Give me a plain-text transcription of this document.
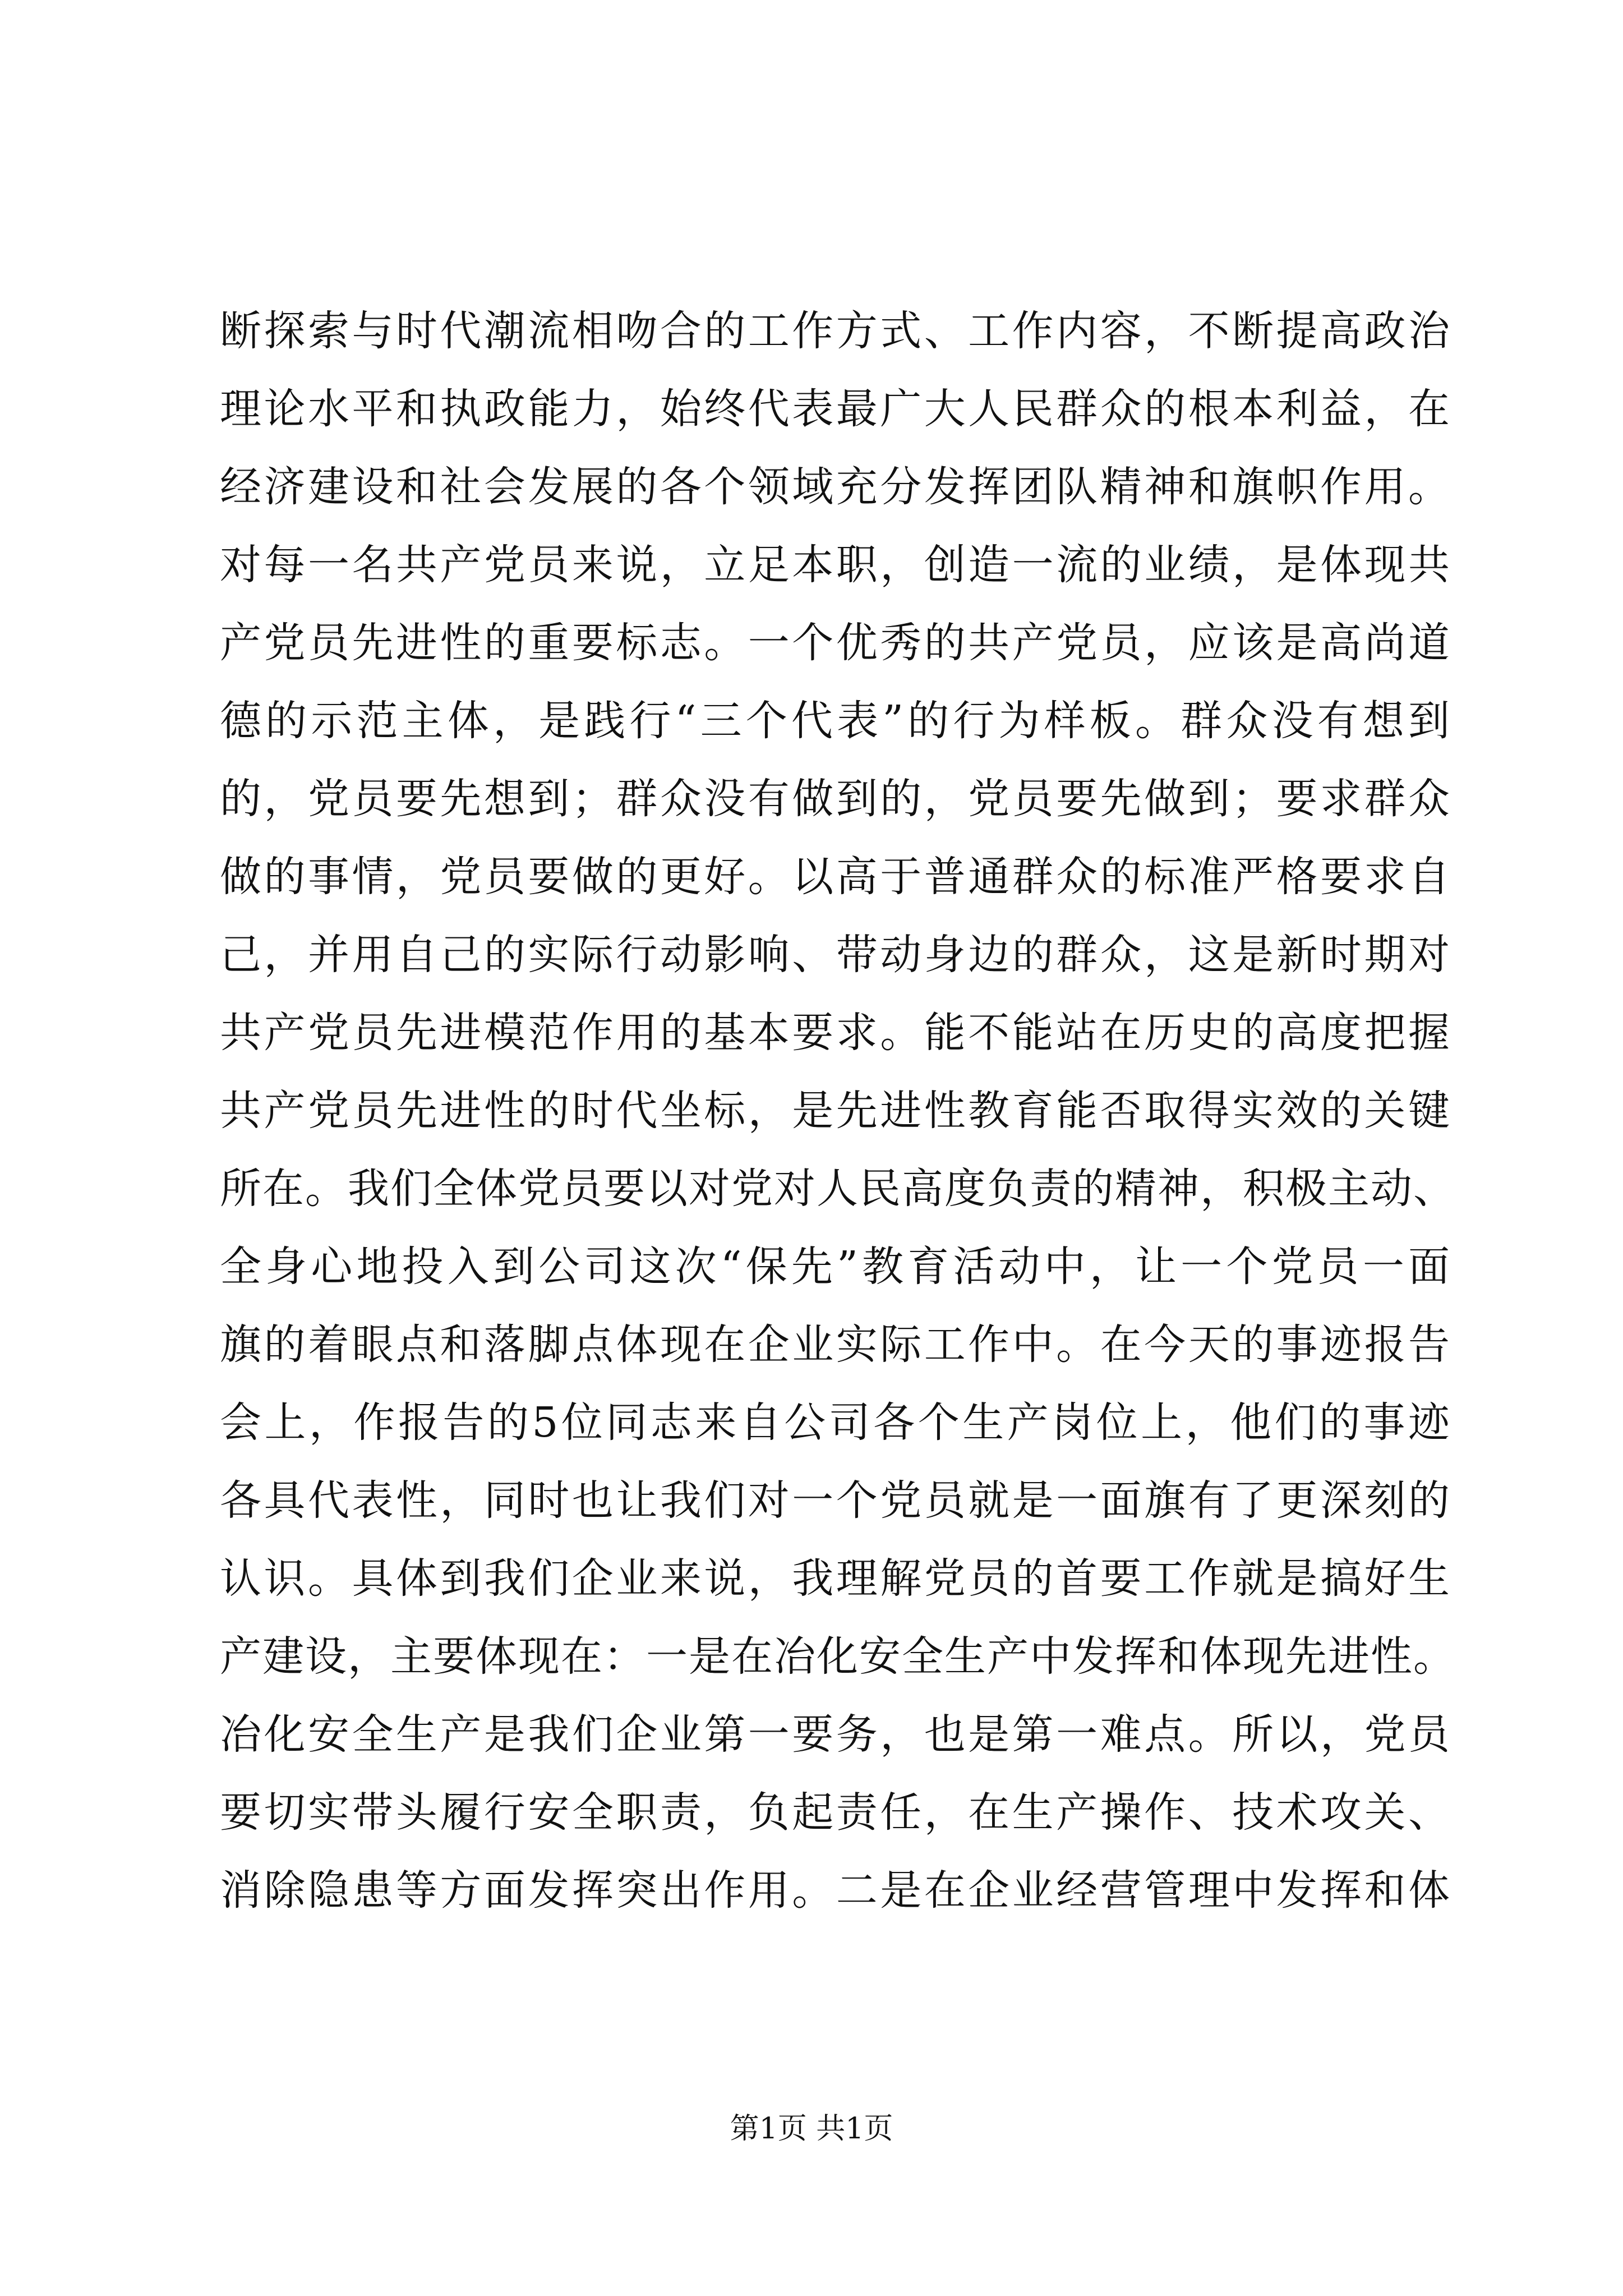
断探索与时代潮流相吻合的工作方式、工作内容，不断提高政治
理论水平和执政能力，始终代表最广大人民群众的根本利益，在
经济建设和社会发展的各个领域充分发挥团队精神和旗帜作用。
对每一名共产党员来说，立足本职，创造一流的业绩，是体现共
产党员先进性的重要标志。一个优秀的共产党员，应该是高尚道
德的示范主体，是践行“三个代表”的行为样板。群众没有想到
的，党员要先想到；群众没有做到的，党员要先做到；要求群众
做的事情，党员要做的更好。以高于普通群众的标准严格要求自
己，并用自己的实际行动影响、带动身边的群众，这是新时期对
共产党员先进模范作用的基本要求。能不能站在历史的高度把握
共产党员先进性的时代坐标，是先进性教育能否取得实效的关键
所在。我们全体党员要以对党对人民高度负责的精神，积极主动、
全身心地投入到公司这次“保先”教育活动中，让一个党员一面
旗的着眼点和落脚点体现在企业实际工作中。在今天的事迹报告
会上，作报告的5位同志来自公司各个生产岗位上，他们的事迹
各具代表性，同时也让我们对一个党员就是一面旗有了更深刻的
认识。具体到我们企业来说，我理解党员的首要工作就是搞好生
产建设，主要体现在：一是在冶化安全生产中发挥和体现先进性。
冶化安全生产是我们企业第一要务，也是第一难点。所以，党员
要切实带头履行安全职责，负起责任，在生产操作、技术攻关、
消除隐患等方面发挥突出作用。二是在企业经营管理中发挥和体
第1页 共1页
